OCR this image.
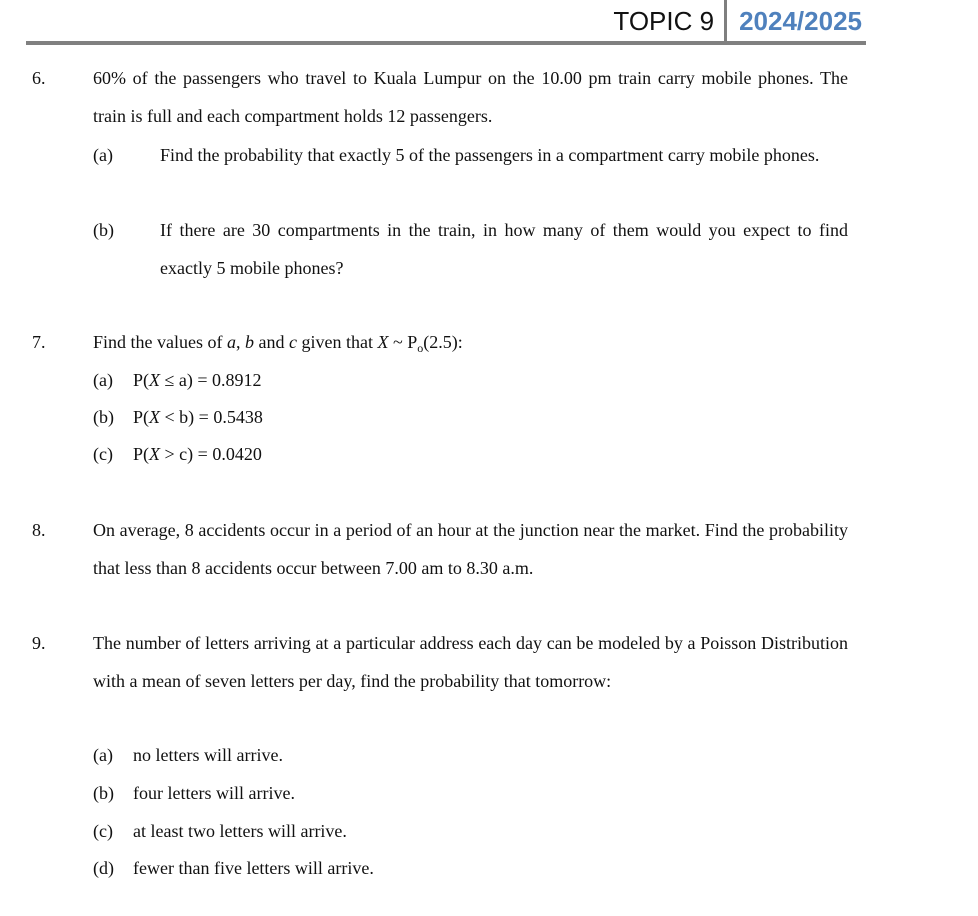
TOPIC 9 2024/2025
6.	60% of the passengers who travel to Kuala Lumpur on the 10.00 pm train carry mobile phones. The train is full and each compartment holds 12 passengers.
(a)	Find the probability that exactly 5 of the passengers in a compartment carry mobile phones.
(b)	If there are 30 compartments in the train, in how many of them would you expect to find exactly 5 mobile phones?
7.	Find the values of a, b and c given that X ~ $P_o(2.5)$:
(a) P(X ≤ a) = 0.8912
(b) P(X < b) = 0.5438
(c) P(X > c) = 0.0420
8.	On average, 8 accidents occur in a period of an hour at the junction near the market. Find the probability that less than 8 accidents occur between 7.00 am to 8.30 a.m.
9.	The number of letters arriving at a particular address each day can be modeled by a Poisson Distribution with a mean of seven letters per day, find the probability that tomorrow:
(a) no letters will arrive.
(b) four letters will arrive.
(c) at least two letters will arrive.
(d) fewer than five letters will arrive.
